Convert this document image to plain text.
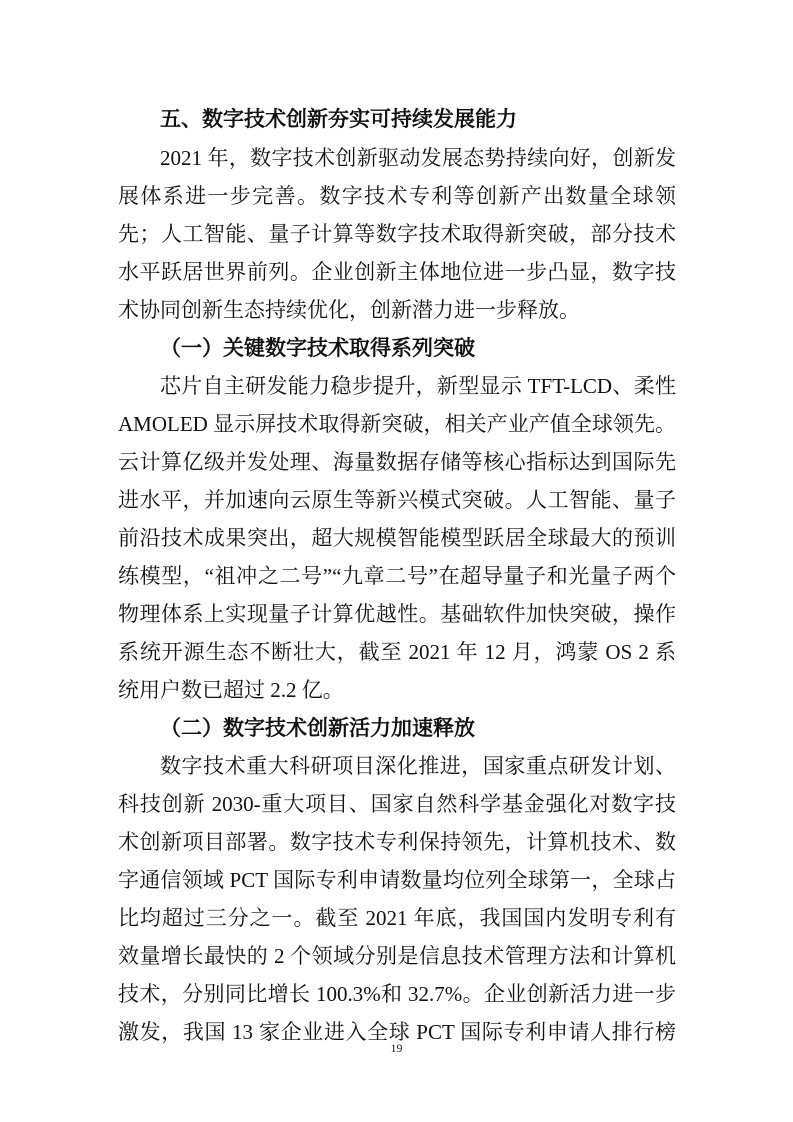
五、数字技术创新夯实可持续发展能力
2021 年，数字技术创新驱动发展态势持续向好，创新发
展体系进一步完善。数字技术专利等创新产出数量全球领
先；人工智能、量子计算等数字技术取得新突破，部分技术
水平跃居世界前列。企业创新主体地位进一步凸显，数字技
术协同创新生态持续优化，创新潜力进一步释放。
（一）关键数字技术取得系列突破
芯片自主研发能力稳步提升，新型显示 TFT-LCD、柔性
AMOLED 显示屏技术取得新突破，相关产业产值全球领先。
云计算亿级并发处理、海量数据存储等核心指标达到国际先
进水平，并加速向云原生等新兴模式突破。人工智能、量子
前沿技术成果突出，超大规模智能模型跃居全球最大的预训
练模型，“祖冲之二号”“九章二号”在超导量子和光量子两个
物理体系上实现量子计算优越性。基础软件加快突破，操作
系统开源生态不断壮大，截至 2021 年 12 月，鸿蒙 OS 2 系
统用户数已超过 2.2 亿。
（二）数字技术创新活力加速释放
数字技术重大科研项目深化推进，国家重点研发计划、
科技创新 2030-重大项目、国家自然科学基金强化对数字技
术创新项目部署。数字技术专利保持领先，计算机技术、数
字通信领域 PCT 国际专利申请数量均位列全球第一，全球占
比均超过三分之一。截至 2021 年底，我国国内发明专利有
效量增长最快的 2 个领域分别是信息技术管理方法和计算机
技术，分别同比增长 100.3%和 32.7%。企业创新活力进一步
激发，我国 13 家企业进入全球 PCT 国际专利申请人排行榜
19
